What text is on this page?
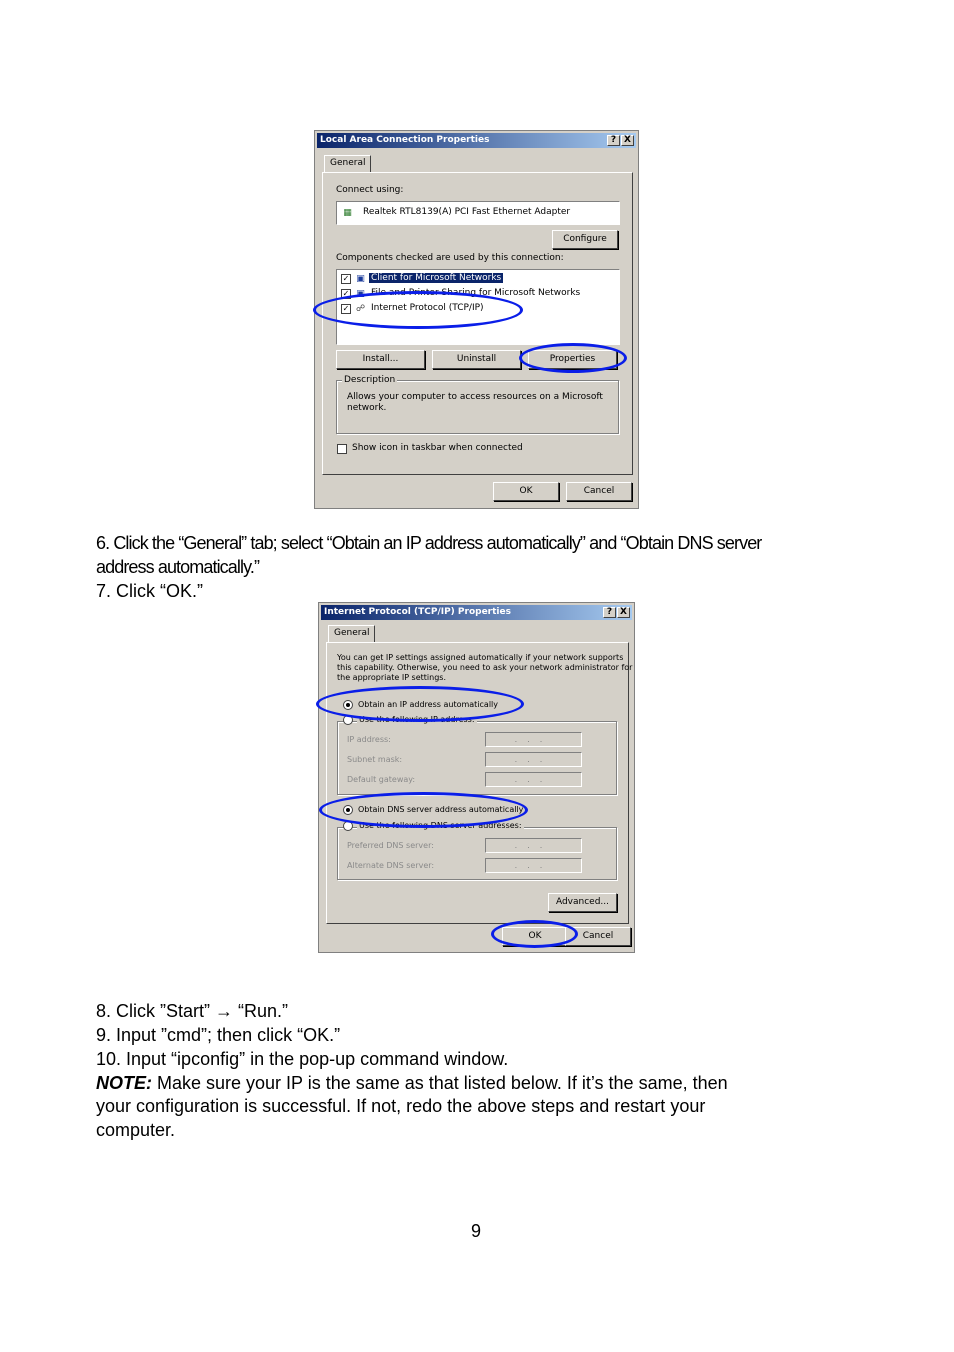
Local Area Connection Properties	? X
General
Connect using:
▦ Realtek RTL8139(A) PCI Fast Ethernet Adapter
Configure
Components checked are used by this connection:
✓ ▣ Client for Microsoft Networks
✓ ▣ File and Printer Sharing for Microsoft Networks
✓ ☍ Internet Protocol (TCP/IP)
Install...	Uninstall	Properties
Description
Allows your computer to access resources on a Microsoft
network.
Show icon in taskbar when connected
OK	Cancel
6. Click the “General” tab; select “Obtain an IP address automatically” and “Obtain DNS server
address automatically.”
7. Click “OK.”
Internet Protocol (TCP/IP) Properties	? X
General
You can get IP settings assigned automatically if your network supports
this capability. Otherwise, you need to ask your network administrator for
the appropriate IP settings.
Obtain an IP address automatically
Use the following IP address:
IP address:	...
Subnet mask:	...
Default gateway:	...
Obtain DNS server address automatically
Use the following DNS server addresses:
Preferred DNS server:	...
Alternate DNS server:	...
Advanced...
OK	Cancel
8. Click ”Start” → “Run.”
9. Input ”cmd”; then click “OK.”
10. Input “ipconfig” in the pop-up command window.
NOTE: Make sure your IP is the same as that listed below. If it’s the same, then
your configuration is successful. If not, redo the above steps and restart your
computer.
9
